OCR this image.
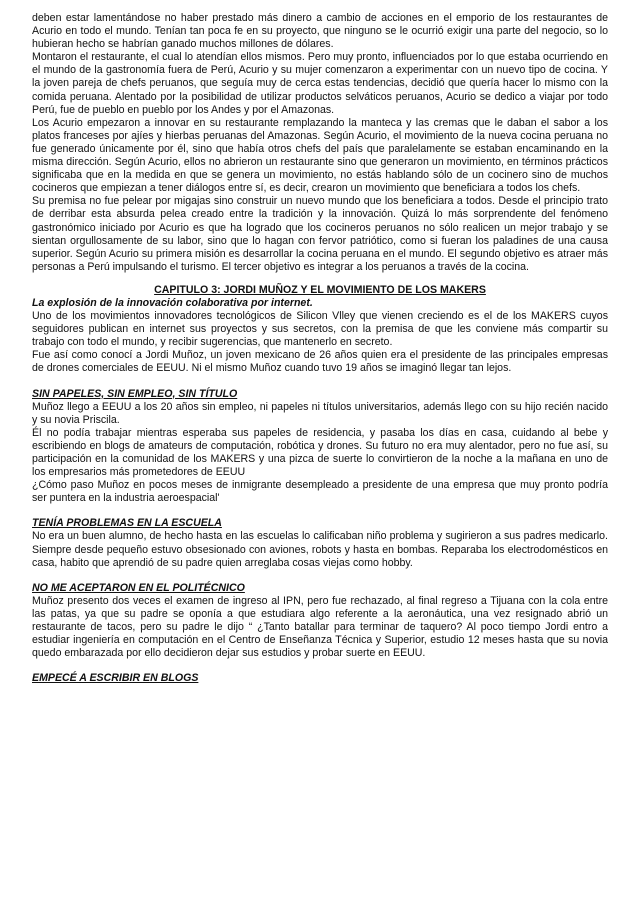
deben estar lamentándose no haber prestado más dinero a cambio de acciones en el emporio de los restaurantes de Acurio en todo el mundo. Tenían tan poca fe en su proyecto, que ninguno se le ocurrió exigir una parte del negocio, so lo hubieran hecho se habrían ganado muchos millones de dólares.

Montaron el restaurante, el cual lo atendían ellos mismos. Pero muy pronto, influenciados por lo que estaba ocurriendo en el mundo de la gastronomía fuera de Perú, Acurio y su mujer comenzaron a experimentar con un nuevo tipo de cocina. Y la joven pareja de chefs peruanos, que seguía muy de cerca estas tendencias, decidió que quería hacer lo mismo con la comida peruana. Alentado por la posibilidad de utilizar productos selváticos peruanos, Acurio se dedico a viajar por todo Perú, fue de pueblo en pueblo por los Andes y por el Amazonas.

Los Acurio empezaron a innovar en su restaurante remplazando la manteca y las cremas que le daban el sabor a los platos franceses por ajíes y hierbas peruanas del Amazonas. Según Acurio, el movimiento de la nueva cocina peruana no fue generado únicamente por él, sino que había otros chefs del país que paralelamente se estaban encaminando en la misma dirección. Según Acurio, ellos no abrieron un restaurante sino que generaron un movimiento, en términos prácticos significaba que en la medida en que se genera un movimiento, no estás hablando sólo de un cocinero sino de muchos cocineros que empiezan a tener diálogos entre sí, es decir, crearon un movimiento que beneficiara a todos los chefs.

Su premisa no fue pelear por migajas sino construir un nuevo mundo que los beneficiara a todos. Desde el principio trato de derribar esta absurda pelea creado entre la tradición y la innovación. Quizá lo más sorprendente del fenómeno gastronómico iniciado por Acurio es que ha logrado que los cocineros peruanos no sólo realicen un mejor trabajo y se sientan orgullosamente de su labor, sino que lo hagan con fervor patriótico, como si fueran los paladines de una causa superior. Según Acurio su primera misión es desarrollar la cocina peruana en el mundo. El segundo objetivo es atraer más personas a Perú impulsando el turismo. El tercer objetivo es integrar a los peruanos a través de la cocina.

CAPITULO 3: JORDI MUÑOZ Y EL MOVIMIENTO DE LOS MAKERS
La explosión de la innovación colaborativa por internet.

Uno de los movimientos innovadores tecnológicos de Silicon Vlley que vienen creciendo es el de los MAKERS cuyos seguidores publican en internet sus proyectos y sus secretos, con la premisa de que les conviene más compartir su trabajo con todo el mundo, y recibir sugerencias, que mantenerlo en secreto.

Fue así como conocí a Jordi Muñoz, un joven mexicano de 26 años quien era el presidente de las principales empresas de drones comerciales de EEUU. Ni el mismo Muñoz cuando tuvo 19 años se imaginó llegar tan lejos.

SIN PAPELES, SIN EMPLEO, SIN TÍTULO

Muñoz llego a EEUU a los 20 años sin empleo, ni papeles ni títulos universitarios, además llego con su hijo recién nacido y su novia Priscila.

Él no podía trabajar mientras esperaba sus papeles de residencia, y pasaba los días en casa, cuidando al bebe y escribiendo en blogs de amateurs de computación, robótica y drones. Su futuro no era muy alentador, pero no fue así, su participación en la comunidad de los MAKERS y una pizca de suerte lo convirtieron de la noche a la mañana en uno de los empresarios más prometedores de EEUU

¿Cómo paso Muñoz en pocos meses de inmigrante desempleado a presidente de una empresa que muy pronto podría ser puntera en la industria aeroespacial'

TENÍA PROBLEMAS EN LA ESCUELA

No era un buen alumno, de hecho hasta en las escuelas lo calificaban niño problema y sugirieron a sus padres medicarlo. Siempre desde pequeño estuvo obsesionado con aviones, robots y hasta en bombas. Reparaba los electrodomésticos en casa, habito que aprendió de su padre quien arreglaba cosas viejas como hobby.

NO ME ACEPTARON EN EL POLITÉCNICO

Muñoz presento dos veces el examen de ingreso al IPN, pero fue rechazado, al final regreso a Tijuana con la cola entre las patas, ya que su padre se oponía a que estudiara algo referente a la aeronáutica, una vez resignado abrió un restaurante de tacos, pero su padre le dijo “ ¿Tanto batallar para terminar de taquero? Al poco tiempo Jordi entro a estudiar ingeniería en computación en el Centro de Enseñanza Técnica y Superior, estudio 12 meses hasta que su novia quedo embarazada por ello decidieron dejar sus estudios y probar suerte en EEUU.

EMPECÉ A ESCRIBIR EN BLOGS
